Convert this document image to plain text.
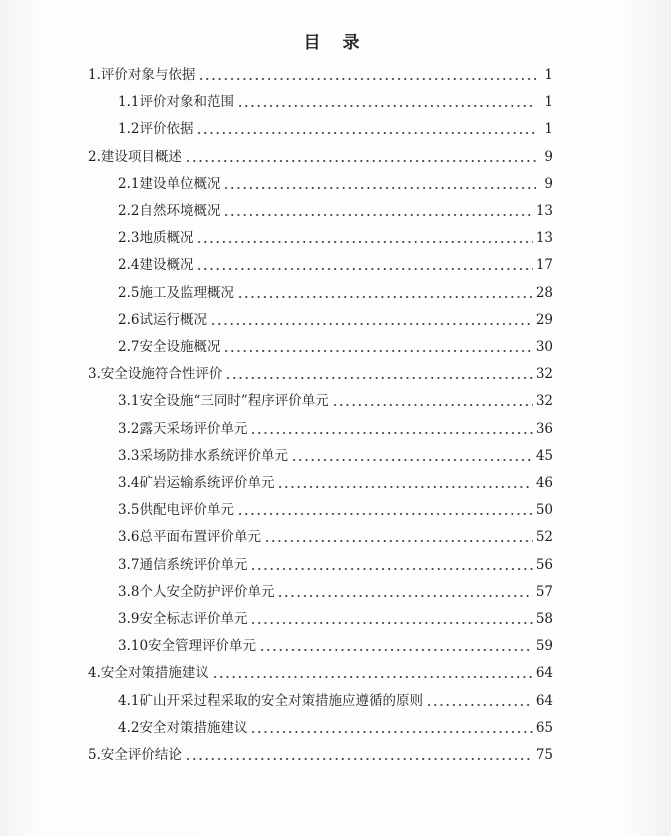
目 录
1.评价对象与依据	1
1.1评价对象和范围	1
1.2评价依据	1
2.建设项目概述	9
2.1建设单位概况	9
2.2自然环境概况	13
2.3地质概况	13
2.4建设概况	17
2.5施工及监理概况	28
2.6试运行概况	29
2.7安全设施概况	30
3.安全设施符合性评价	32
3.1安全设施“三同时”程序评价单元	32
3.2露天采场评价单元	36
3.3采场防排水系统评价单元	45
3.4矿岩运输系统评价单元	46
3.5供配电评价单元	50
3.6总平面布置评价单元	52
3.7通信系统评价单元	56
3.8个人安全防护评价单元	57
3.9安全标志评价单元	58
3.10安全管理评价单元	59
4.安全对策措施建议	64
4.1矿山开采过程采取的安全对策措施应遵循的原则	64
4.2安全对策措施建议	65
5.安全评价结论	75
